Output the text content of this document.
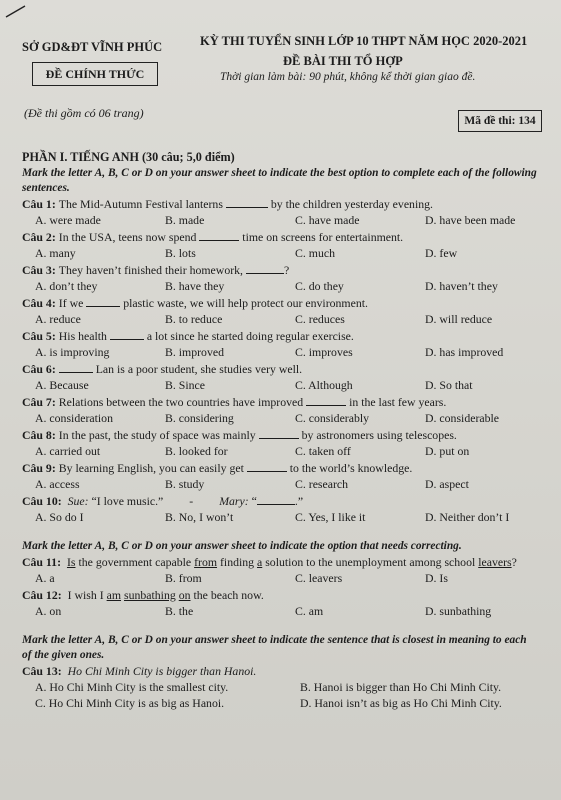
SỞ GD&ĐT VĨNH PHÚC
ĐỀ CHÍNH THỨC
(Đề thi gồm có 06 trang)
KỲ THI TUYỂN SINH LỚP 10 THPT NĂM HỌC 2020-2021
ĐỀ BÀI THI TỔ HỢP
Thời gian làm bài: 90 phút, không kể thời gian giao đề.
Mã đề thi: 134
PHẦN I. TIẾNG ANH (30 câu; 5,0 điểm)
Mark the letter A, B, C or D on your answer sheet to indicate the best option to complete each of the following sentences.
Câu 1: The Mid-Autumn Festival lanterns	by the children yesterday evening.
A. were made	B. made	C. have made	D. have been made
Câu 2: In the USA, teens now spend	time on screens for entertainment.
A. many	B. lots	C. much	D. few
Câu 3: They haven’t finished their homework,	?
A. don’t they	B. have they	C. do they	D. haven’t they
Câu 4: If we	plastic waste, we will help protect our environment.
A. reduce	B. to reduce	C. reduces	D. will reduce
Câu 5: His health	a lot since he started doing regular exercise.
A. is improving	B. improved	C. improves	D. has improved
Câu 6:	Lan is a poor student, she studies very well.
A. Because	B. Since	C. Although	D. So that
Câu 7: Relations between the two countries have improved	in the last few years.
A. consideration	B. considering	C. considerably	D. considerable
Câu 8: In the past, the study of space was mainly	by astronomers using telescopes.
A. carried out	B. looked for	C. taken off	D. put on
Câu 9: By learning English, you can easily get	to the world’s knowledge.
A. access	B. study	C. research	D. aspect
Câu 10: Sue: “I love music.” - Mary: “	.”
A. So do I	B. No, I won’t	C. Yes, I like it	D. Neither don’t I
Mark the letter A, B, C or D on your answer sheet to indicate the option that needs correcting.
Câu 11: Is the government capable from finding a solution to the unemployment among school leavers?
A. a	B. from	C. leavers	D. Is
Câu 12: I wish I am sunbathing on the beach now.
A. on	B. the	C. am	D. sunbathing
Mark the letter A, B, C or D on your answer sheet to indicate the sentence that is closest in meaning to each of the given ones.
Câu 13: Ho Chi Minh City is bigger than Hanoi.
A. Ho Chi Minh City is the smallest city.	B. Hanoi is bigger than Ho Chi Minh City.
C. Ho Chi Minh City is as big as Hanoi.	D. Hanoi isn’t as big as Ho Chi Minh City.
